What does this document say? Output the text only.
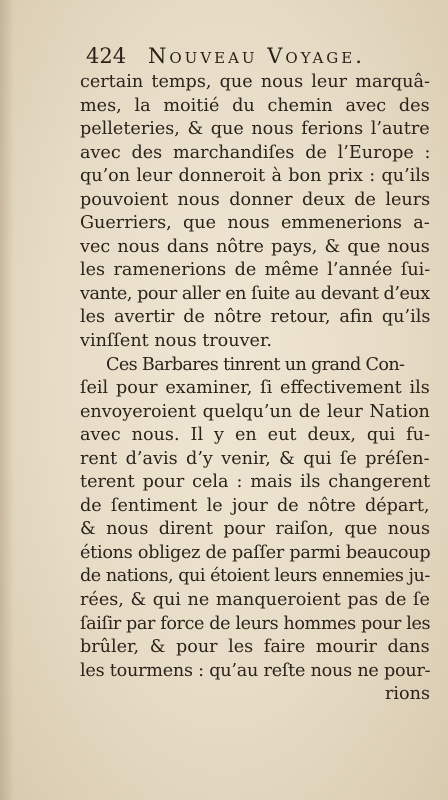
424 Nouveau Voyage.
certain temps, que nous leur marquâ-
mes, la moitié du chemin avec des
pelleteries, & que nous ferions l’autre
avec des marchandiſes de l’Europe :
qu’on leur donneroit à bon prix : qu’ils
pouvoient nous donner deux de leurs
Guerriers, que nous emmenerions a-
vec nous dans nôtre pays, & que nous
les ramenerions de même l’année ſui-
vante, pour aller en ſuite au devant d’eux
les avertir de nôtre retour, afin qu’ils
vinſſent nous trouver.
Ces Barbares tinrent un grand Con-
ſeil pour examiner, ſi effectivement ils
envoyeroient quelqu’un de leur Nation
avec nous. Il y en eut deux, qui fu-
rent d’avis d’y venir, & qui ſe préſen-
terent pour cela : mais ils changerent
de ſentiment le jour de nôtre départ,
& nous dirent pour raiſon, que nous
étions obligez de paſſer parmi beaucoup
de nations, qui étoient leurs ennemies ju-
rées, & qui ne manqueroient pas de ſe
ſaiſir par force de leurs hommes pour les
brûler, & pour les faire mourir dans
les tourmens : qu’au reſte nous ne pour-
rions
